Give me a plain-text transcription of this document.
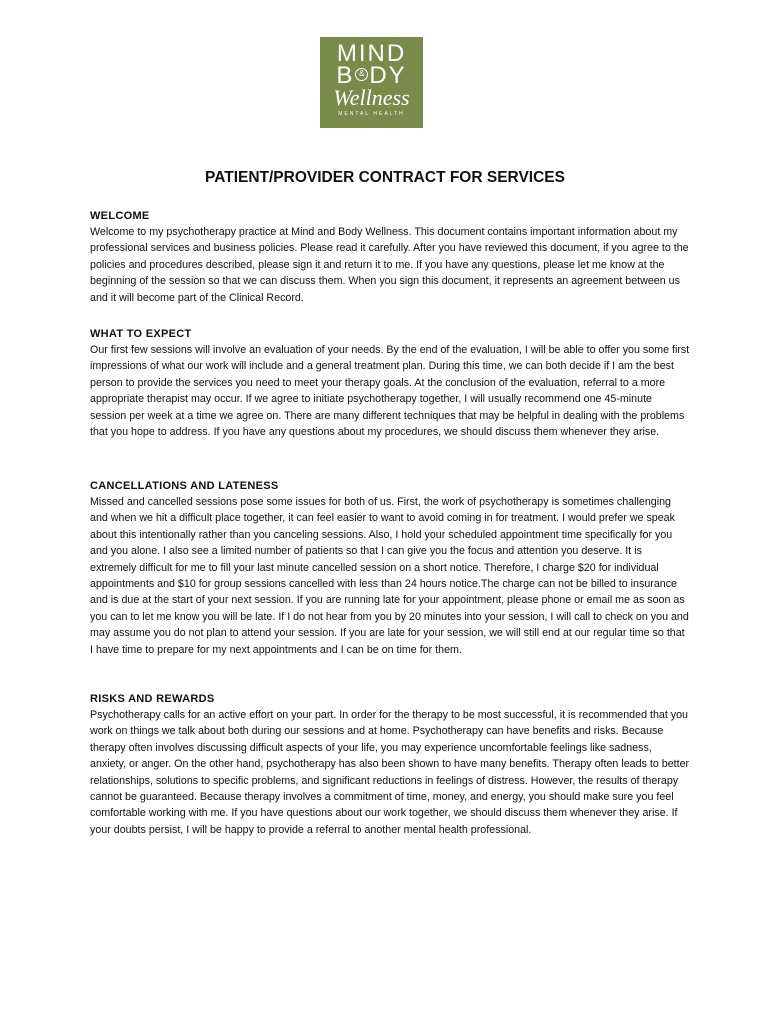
MIND
B & DY
Wellness
MENTAL HEALTH
PATIENT/PROVIDER CONTRACT FOR SERVICES
WELCOME

Welcome to my psychotherapy practice at Mind and Body Wellness. This document contains important information about my professional services and business policies. Please read it carefully. After you have reviewed this document, if you agree to the policies and procedures described, please sign it and return it to me. If you have any questions, please let me know at the beginning of the session so that we can discuss them. When you sign this document, it represents an agreement between us and it will become part of the Clinical Record.

WHAT TO EXPECT

Our first few sessions will involve an evaluation of your needs. By the end of the evaluation, I will be able to offer you some first impressions of what our work will include and a general treatment plan. During this time, we can both decide if I am the best person to provide the services you need to meet your therapy goals. At the conclusion of the evaluation, referral to a more appropriate therapist may occur. If we agree to initiate psychotherapy together, I will usually recommend one 45-minute session per week at a time we agree on. There are many different techniques that may be helpful in dealing with the problems that you hope to address. If you have any questions about my procedures, we should discuss them whenever they arise.

CANCELLATIONS AND LATENESS

Missed and cancelled sessions pose some issues for both of us. First, the work of psychotherapy is sometimes challenging and when we hit a difficult place together, it can feel easier to want to avoid coming in for treatment. I would prefer we speak about this intentionally rather than you canceling sessions. Also, I hold your scheduled appointment time specifically for you and you alone. I also see a limited number of patients so that I can give you the focus and attention you deserve. It is extremely difficult for me to fill your last minute cancelled session on a short notice. Therefore, I charge $20 for individual appointments and $10 for group sessions cancelled with less than 24 hours notice.The charge can not be billed to insurance and is due at the start of your next session. If you are running late for your appointment, please phone or email me as soon as you can to let me know you will be late. If I do not hear from you by 20 minutes into your session, I will call to check on you and may assume you do not plan to attend your session. If you are late for your session, we will still end at our regular time so that I have time to prepare for my next appointments and I can be on time for them.

RISKS AND REWARDS

Psychotherapy calls for an active effort on your part. In order for the therapy to be most successful, it is recommended that you work on things we talk about both during our sessions and at home. Psychotherapy can have benefits and risks. Because therapy often involves discussing difficult aspects of your life, you may experience uncomfortable feelings like sadness, anxiety, or anger. On the other hand, psychotherapy has also been shown to have many benefits. Therapy often leads to better relationships, solutions to specific problems, and significant reductions in feelings of distress. However, the results of therapy cannot be guaranteed. Because therapy involves a commitment of time, money, and energy, you should make sure you feel comfortable working with me. If you have questions about our work together, we should discuss them whenever they arise. If your doubts persist, I will be happy to provide a referral to another mental health professional.
